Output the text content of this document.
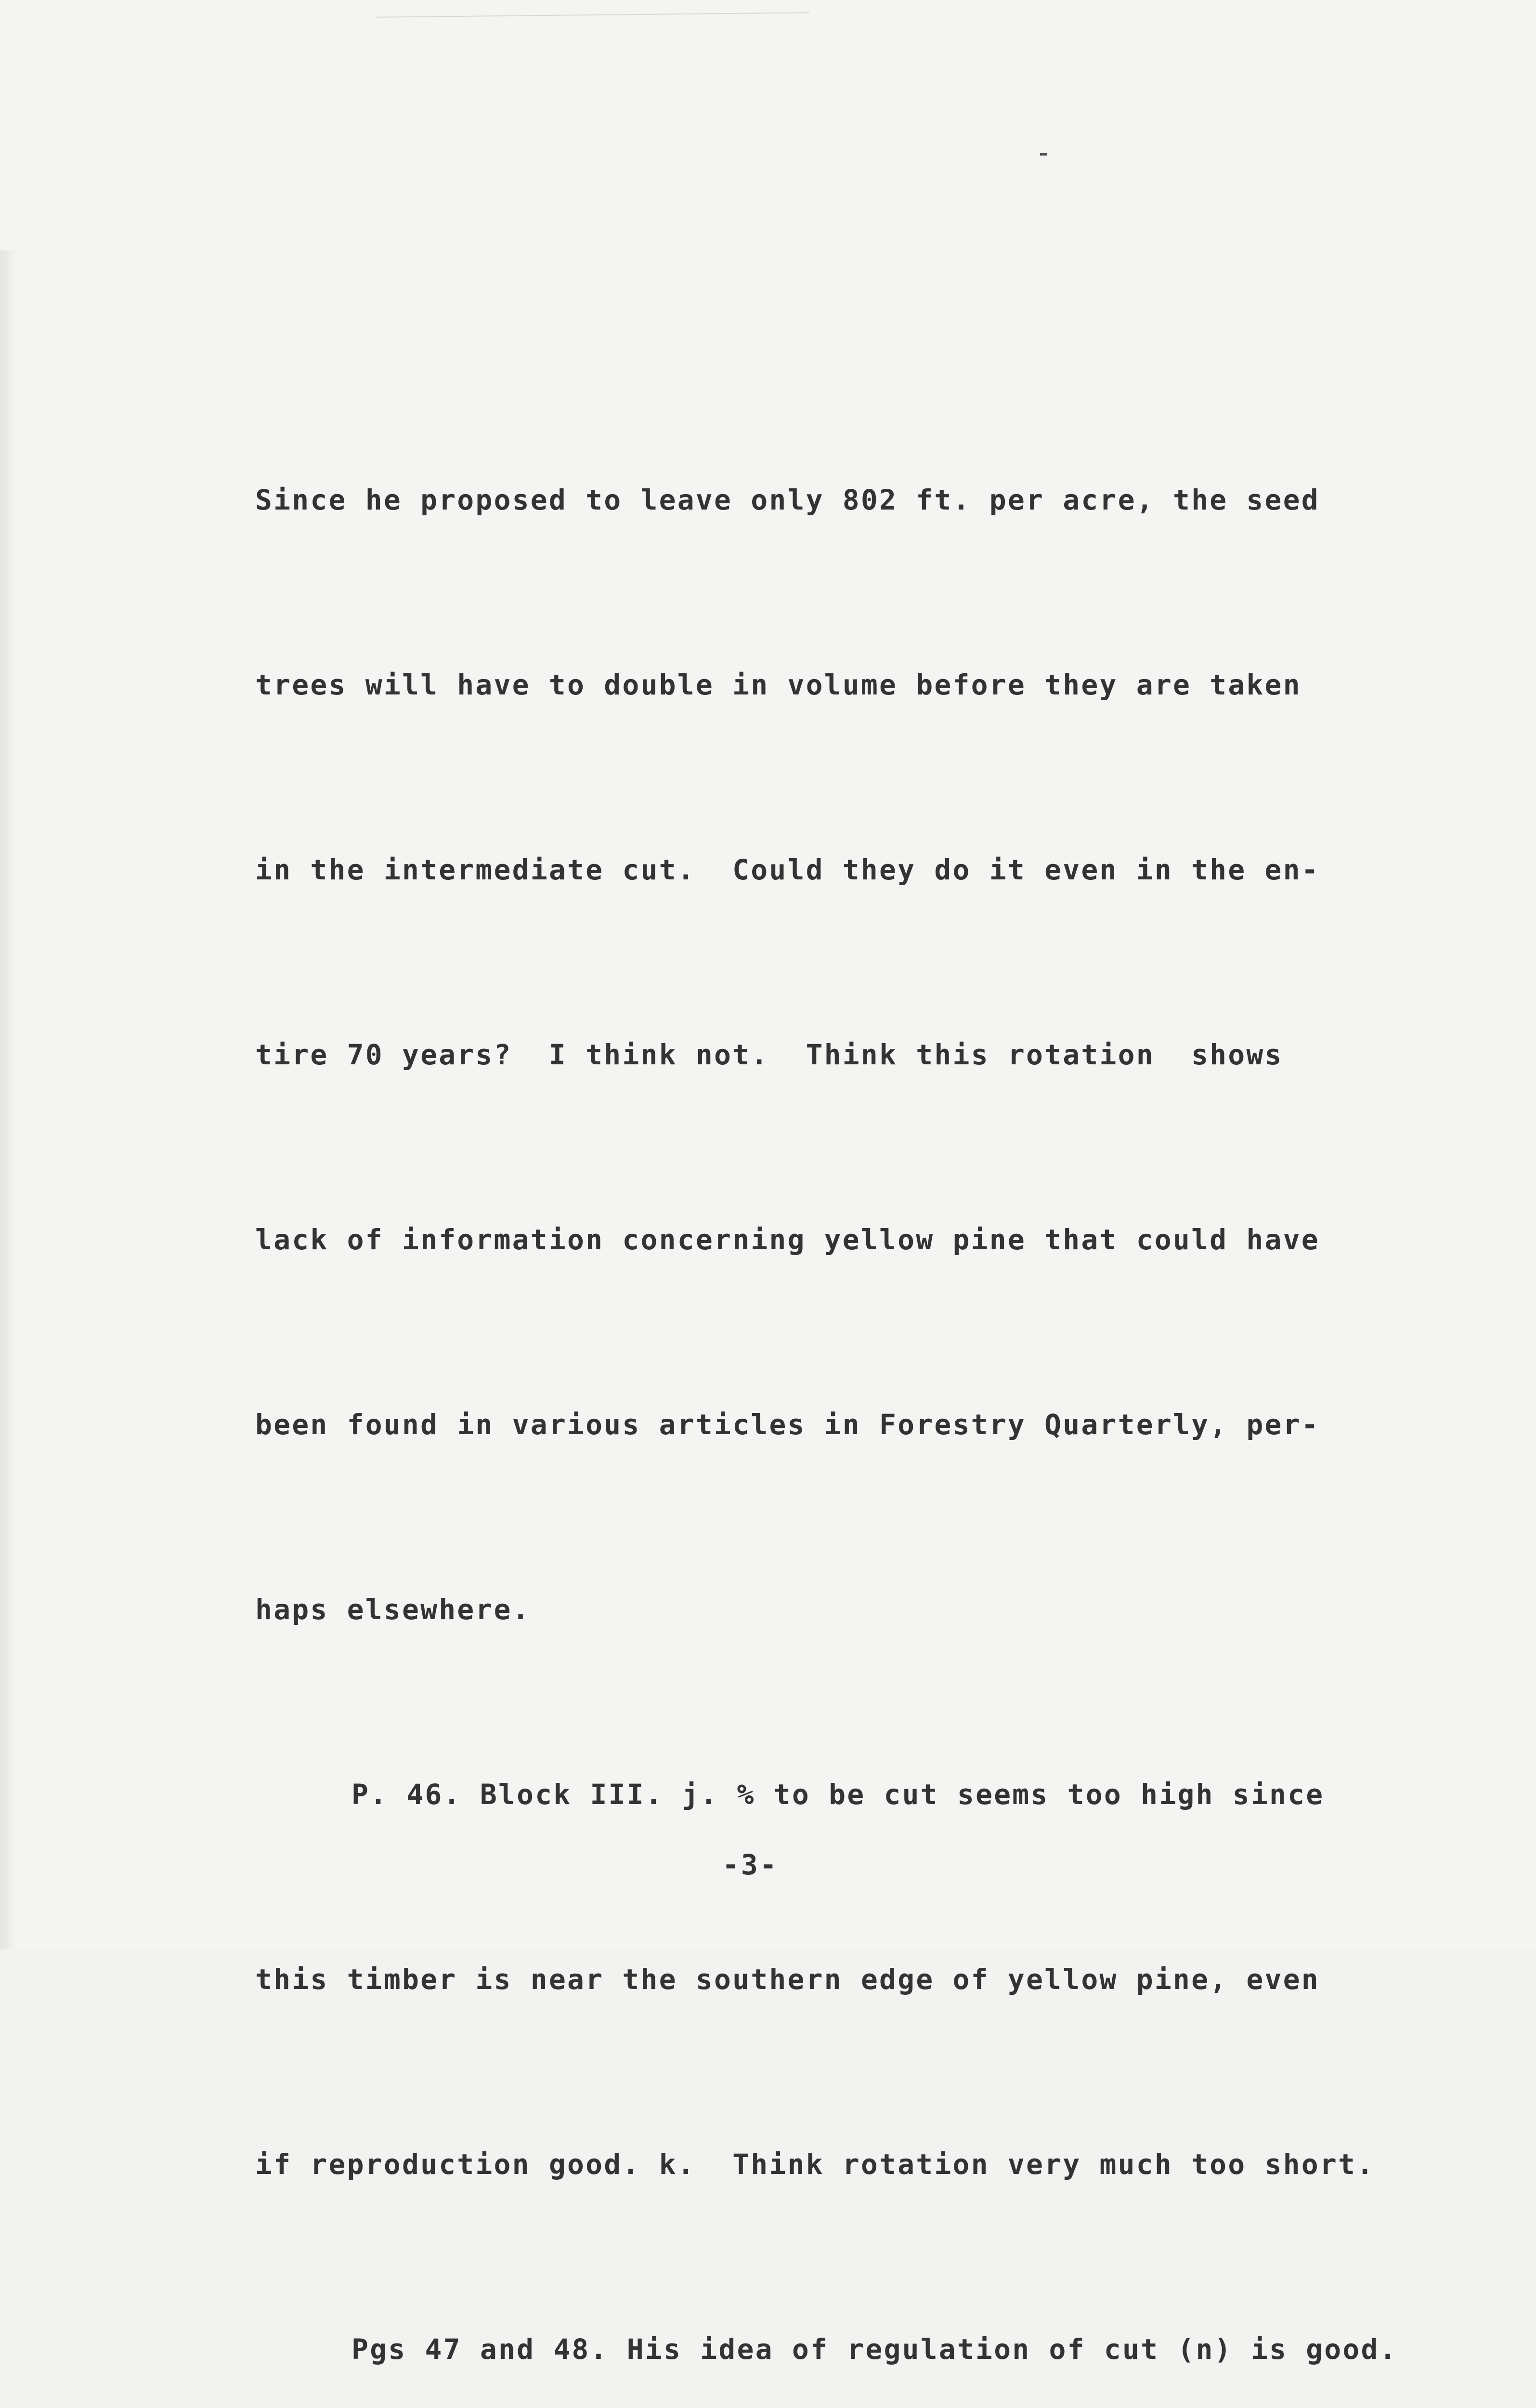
Since he proposed to leave only 802 ft. per acre, the seed

trees will have to double in volume before they are taken

in the intermediate cut.  Could they do it even in the en-

tire 70 years?  I think not.  Think this rotation  shows

lack of information concerning yellow pine that could have

been found in various articles in Forestry Quarterly, per-

haps elsewhere.

P. 46. Block III. j. % to be cut seems too high since

this timber is near the southern edge of yellow pine, even

if reproduction good. k.  Think rotation very much too short.

Pgs 47 and 48. His idea of regulation of cut (n) is good.

-3-
